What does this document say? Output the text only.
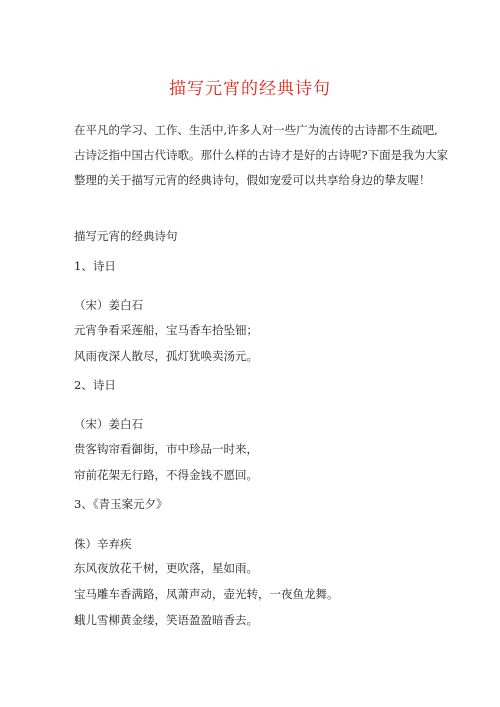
描写元宵的经典诗句

在平凡的学习、工作、生活中,许多人对一些广为流传的古诗都不生疏吧,

古诗泛指中国古代诗歌。那什么样的古诗才是好的古诗呢?下面是我为大家

整理的关于描写元宵的经典诗句，假如宠爱可以共享给身边的挚友喔！

描写元宵的经典诗句
1、诗日
（宋）姜白石
元宵争看采莲船，宝马香车拾坠钿；
风雨夜深人散尽，孤灯犹唤卖汤元。
2、诗日
（宋）姜白石
贵客钩帘看御街，市中珍品一时来，
帘前花架无行路，不得金钱不愿回。
3、《青玉案元夕》
侏）辛弃疾
东风夜放花千树，更吹落，星如雨。
宝马雕车香满路，凤萧声动，壶光转，一夜鱼龙舞。
蛾儿雪柳黄金缕，笑语盈盈暗香去。
